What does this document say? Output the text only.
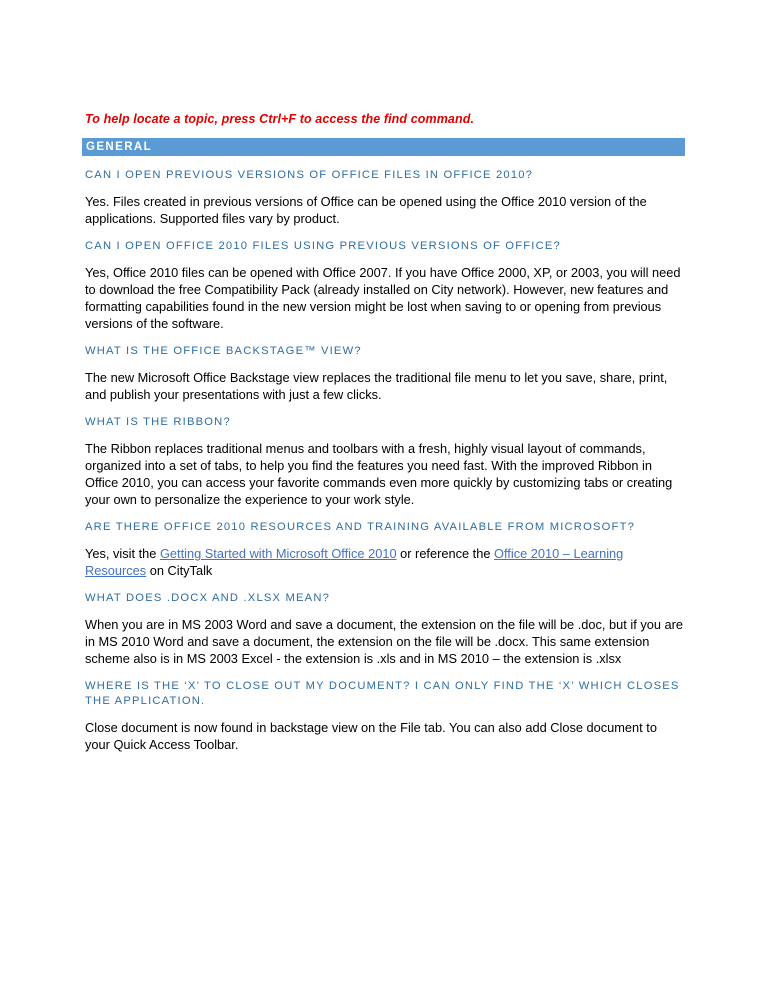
To help locate a topic, press Ctrl+F to access the find command.

GENERAL
CAN I OPEN PREVIOUS VERSIONS OF OFFICE FILES IN OFFICE 2010?

Yes. Files created in previous versions of Office can be opened using the Office 2010 version of the applications. Supported files vary by product.

CAN I OPEN OFFICE 2010 FILES USING PREVIOUS VERSIONS OF OFFICE?

Yes, Office 2010 files can be opened with Office 2007. If you have Office 2000, XP, or 2003, you will need to download the free Compatibility Pack (already installed on City network). However, new features and formatting capabilities found in the new version might be lost when saving to or opening from previous versions of the software.

WHAT IS THE OFFICE BACKSTAGE™ VIEW?

The new Microsoft Office Backstage view replaces the traditional file menu to let you save, share, print, and publish your presentations with just a few clicks.

WHAT IS THE RIBBON?

The Ribbon replaces traditional menus and toolbars with a fresh, highly visual layout of commands, organized into a set of tabs, to help you find the features you need fast. With the improved Ribbon in Office 2010, you can access your favorite commands even more quickly by customizing tabs or creating your own to personalize the experience to your work style.

ARE THERE OFFICE 2010 RESOURCES AND TRAINING AVAILABLE FROM MICROSOFT?

Yes, visit the Getting Started with Microsoft Office 2010 or reference the Office 2010 – Learning Resources on CityTalk

WHAT DOES .DOCX AND .XLSX MEAN?

When you are in MS 2003 Word and save a document, the extension on the file will be .doc, but if you are in MS 2010 Word and save a document, the extension on the file will be .docx. This same extension scheme also is in MS 2003 Excel - the extension is .xls and in MS 2010 – the extension is .xlsx

WHERE IS THE ‘X’ TO CLOSE OUT MY DOCUMENT? I CAN ONLY FIND THE ‘X’ WHICH CLOSES THE APPLICATION.

Close document is now found in backstage view on the File tab. You can also add Close document to your Quick Access Toolbar.
